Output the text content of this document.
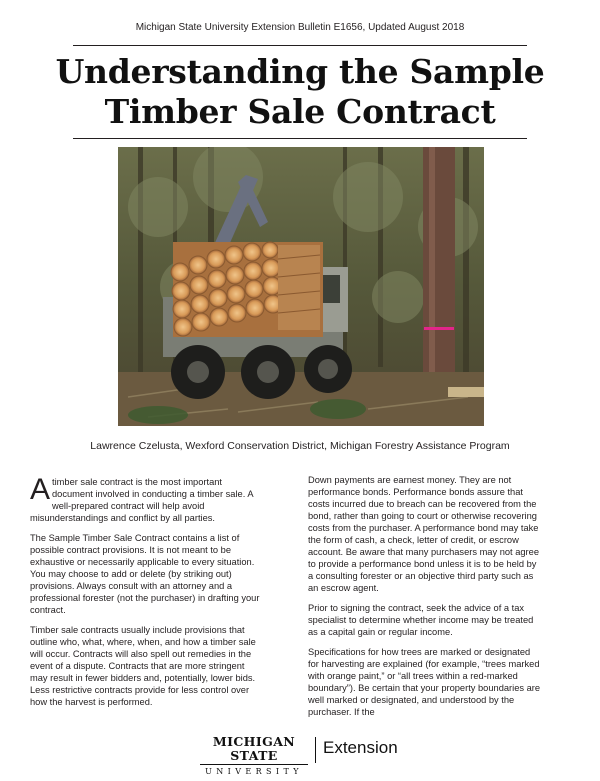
Michigan State University Extension Bulletin E1656, Updated August 2018
Understanding the Sample
Timber Sale Contract
Lawrence Czelusta, Wexford Conservation District, Michigan Forestry Assistance Program

Atimber sale contract is the most important document involved in conducting a timber sale. A well-prepared contract will help avoid misunderstandings and conflict by all parties.

The Sample Timber Sale Contract contains a list of possible contract provisions. It is not meant to be exhaustive or necessarily applicable to every situation. You may choose to add or delete (by striking out) provisions. Always consult with an attorney and a professional forester (not the purchaser) in drafting your contract.

Timber sale contracts usually include provisions that outline who, what, where, when, and how a timber sale will occur. Contracts will also spell out remedies in the event of a dispute. Contracts that are more stringent may result in fewer bidders and, potentially, lower bids. Less restrictive contracts provide for less control over how the harvest is performed.

Down payments are earnest money. They are not performance bonds. Performance bonds assure that costs incurred due to breach can be recovered from the bond, rather than going to court or otherwise recovering costs from the purchaser. A performance bond may take the form of cash, a check, letter of credit, or escrow account. Be aware that many purchasers may not agree to provide a performance bond unless it is to be held by a consulting forester or an objective third party such as an escrow agent.

Prior to signing the contract, seek the advice of a tax specialist to determine whether income may be treated as a capital gain or regular income.

Specifications for how trees are marked or designated for harvesting are explained (for example, “trees marked with orange paint,” or “all trees within a red-marked boundary”). Be certain that your property boundaries are well marked or designated, and understood by the purchaser. If the

MICHIGAN STATE
UNIVERSITY
Extension
